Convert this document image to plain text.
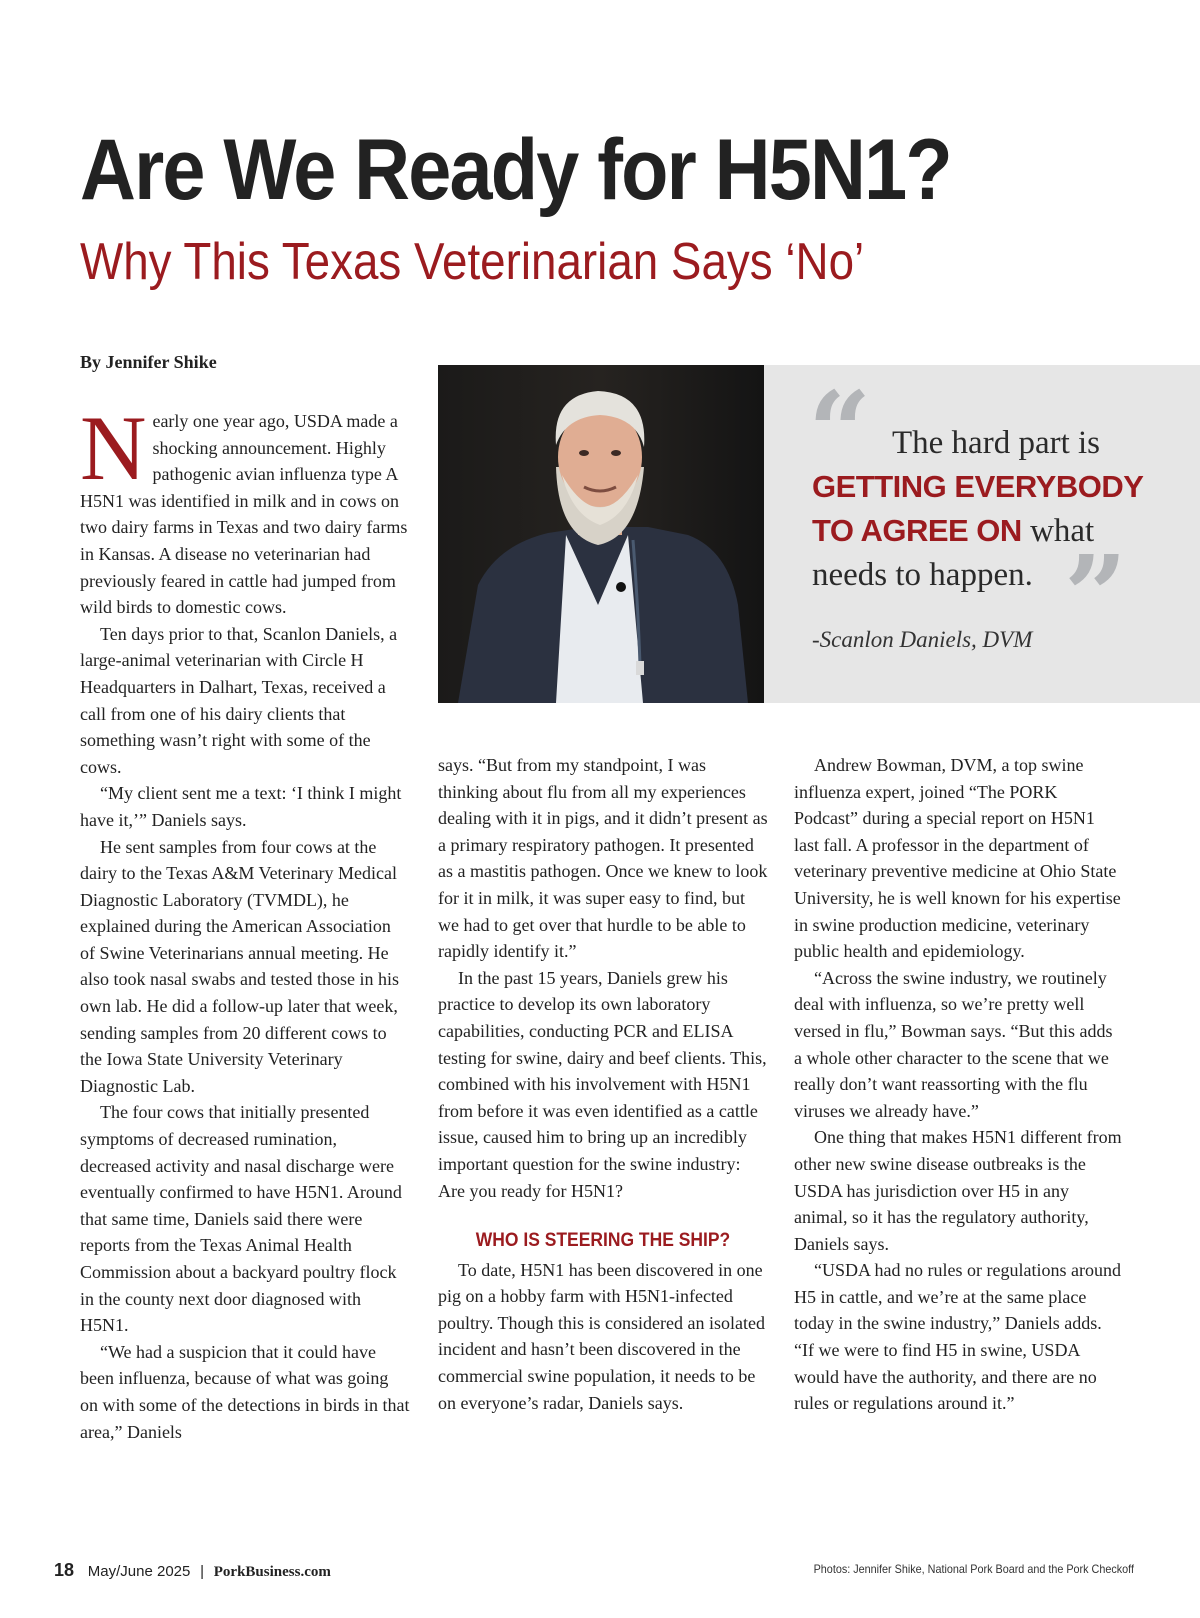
Are We Ready for H5N1?
Why This Texas Veterinarian Says ‘No’
By Jennifer Shike
“ The hard part is
GETTING EVERYBODY TO AGREE ON what needs to happen. ”
-Scanlon Daniels, DVM

Nearly one year ago, USDA made a shocking announcement. Highly pathogenic avian influenza type A H5N1 was identified in milk and in cows on two dairy farms in Texas and two dairy farms in Kansas. A disease no veterinarian had previously feared in cattle had jumped from wild birds to domestic cows.

Ten days prior to that, Scanlon Daniels, a large-animal veterinarian with Circle H Headquarters in Dalhart, Texas, received a call from one of his dairy clients that something wasn’t right with some of the cows.

“My client sent me a text: ‘I think I might have it,’” Daniels says.

He sent samples from four cows at the dairy to the Texas A&M Veterinary Medical Diagnostic Laboratory (TVMDL), he explained during the American Association of Swine Veterinarians annual meeting. He also took nasal swabs and tested those in his own lab. He did a follow-up later that week, sending samples from 20 different cows to the Iowa State University Veterinary Diagnostic Lab.

The four cows that initially presented symptoms of decreased rumination, decreased activity and nasal discharge were eventually confirmed to have H5N1. Around that same time, Daniels said there were reports from the Texas Animal Health Commission about a backyard poultry flock in the county next door diagnosed with H5N1.

“We had a suspicion that it could have been influenza, because of what was going on with some of the detections in birds in that area,” Daniels

says. “But from my standpoint, I was thinking about flu from all my experiences dealing with it in pigs, and it didn’t present as a primary respiratory pathogen. It presented as a mastitis pathogen. Once we knew to look for it in milk, it was super easy to find, but we had to get over that hurdle to be able to rapidly identify it.”

In the past 15 years, Daniels grew his practice to develop its own laboratory capabilities, conducting PCR and ELISA testing for swine, dairy and beef clients. This, combined with his involvement with H5N1 from before it was even identified as a cattle issue, caused him to bring up an incredibly important question for the swine industry: Are you ready for H5N1?

WHO IS STEERING THE SHIP?

To date, H5N1 has been discovered in one pig on a hobby farm with H5N1-infected poultry. Though this is considered an isolated incident and hasn’t been discovered in the commercial swine population, it needs to be on everyone’s radar, Daniels says.

Andrew Bowman, DVM, a top swine influenza expert, joined “The PORK Podcast” during a special report on H5N1 last fall. A professor in the department of veterinary preventive medicine at Ohio State University, he is well known for his expertise in swine production medicine, veterinary public health and epidemiology.

“Across the swine industry, we routinely deal with influenza, so we’re pretty well versed in flu,” Bowman says. “But this adds a whole other character to the scene that we really don’t want reassorting with the flu viruses we already have.”

One thing that makes H5N1 different from other new swine disease outbreaks is the USDA has jurisdiction over H5 in any animal, so it has the regulatory authority, Daniels says.

“USDA had no rules or regulations around H5 in cattle, and we’re at the same place today in the swine industry,” Daniels adds. “If we were to find H5 in swine, USDA would have the authority, and there are no rules or regulations around it.”

18 May/June 2025 | PorkBusiness.com	Photos: Jennifer Shike, National Pork Board and the Pork Checkoff
